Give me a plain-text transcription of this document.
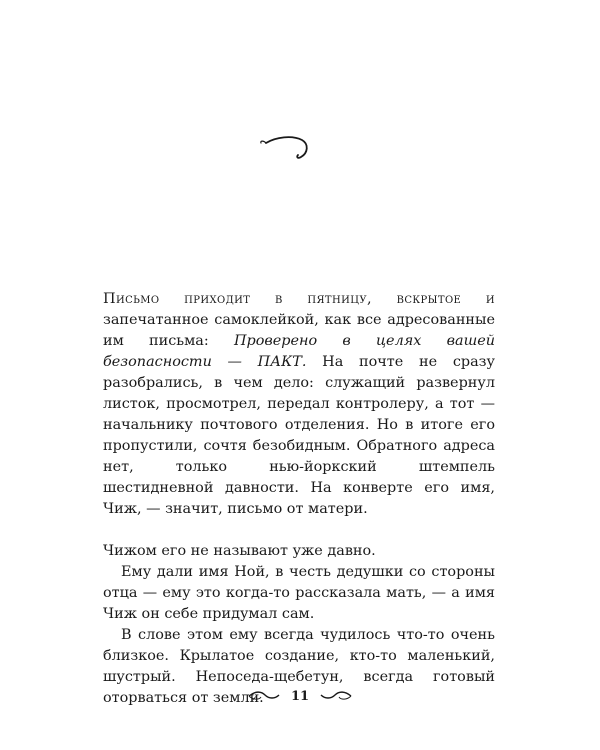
Письмо приходит в пятницу, вскрытое и запечатанное самоклейкой, как все адресованные им письма: Проверено в целях вашей безопасности — ПАКТ. На почте не сразу разобрались, в чем дело: служащий развернул листок, просмотрел, передал контролеру, а тот — начальнику почтового отделения. Но в итоге его пропустили, сочтя безобидным. Обратного адреса нет, только нью-йоркский штемпель шестидневной давности. На конверте его имя, Чиж, — значит, письмо от матери.

Чижом его не называют уже давно.

Ему дали имя Ной, в честь дедушки со стороны отца — ему это когда-то рассказала мать, — а имя Чиж он себе придумал сам.

В слове этом ему всегда чудилось что-то очень близкое. Крылатое создание, кто-то маленький, шустрый. Непоседа-щебетун, всегда готовый оторваться от земли.	11
